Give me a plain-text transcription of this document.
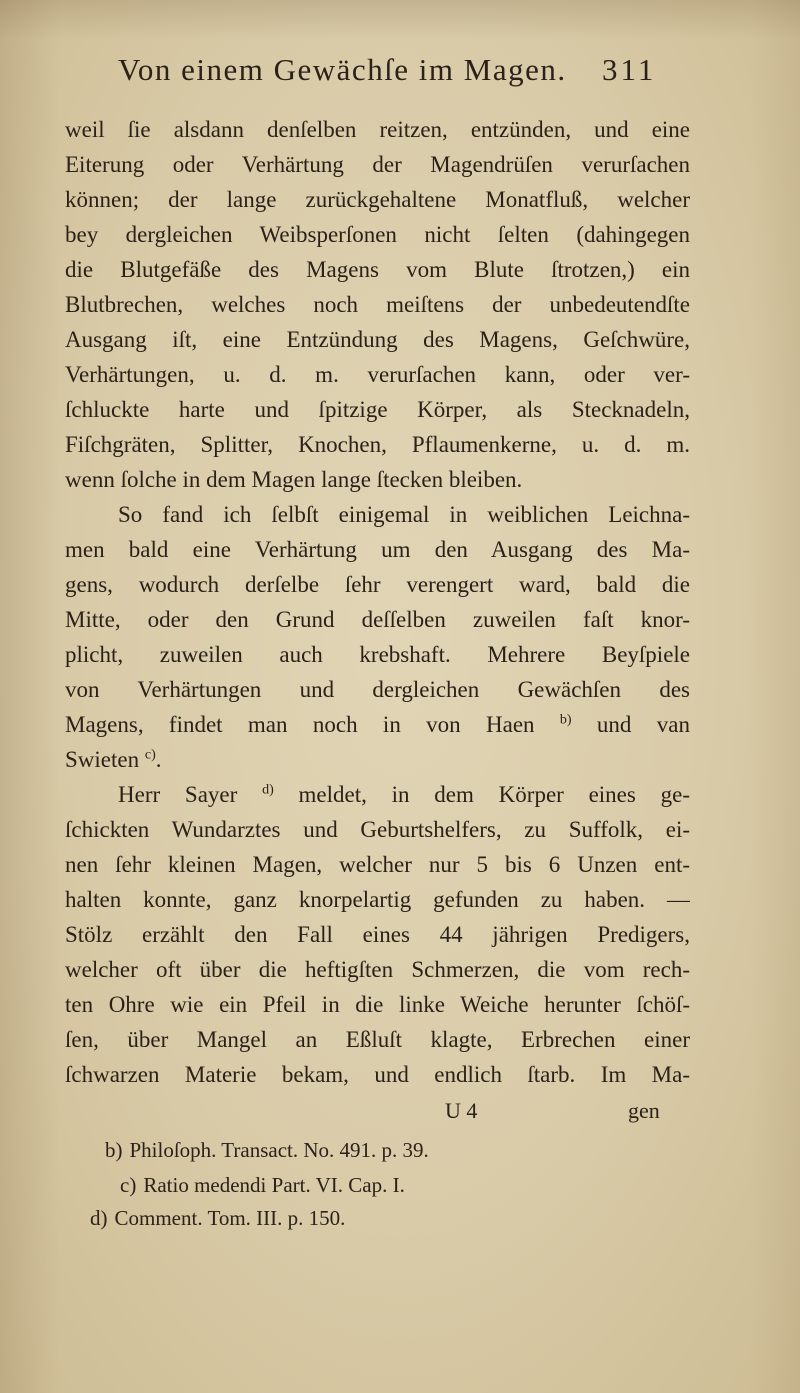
Von einem Gewächſe im Magen. 311
weil ſie alsdann denſelben reitzen, entzünden, und eine
Eiterung oder Verhärtung der Magendrüſen verurſachen
können; der lange zurückgehaltene Monatfluß, welcher
bey dergleichen Weibsperſonen nicht ſelten (dahingegen
die Blutgefäße des Magens vom Blute ſtrotzen,) ein
Blutbrechen, welches noch meiſtens der unbedeutendſte
Ausgang iſt, eine Entzündung des Magens, Geſchwüre,
Verhärtungen, u. d. m. verurſachen kann, oder ver-
ſchluckte harte und ſpitzige Körper, als Stecknadeln,
Fiſchgräten, Splitter, Knochen, Pflaumenkerne, u. d. m.
wenn ſolche in dem Magen lange ſtecken bleiben.
So fand ich ſelbſt einigemal in weiblichen Leichna-
men bald eine Verhärtung um den Ausgang des Ma-
gens, wodurch derſelbe ſehr verengert ward, bald die
Mitte, oder den Grund deſſelben zuweilen faſt knor-
plicht, zuweilen auch krebshaft. Mehrere Beyſpiele
von Verhärtungen und dergleichen Gewächſen des
Magens, findet man noch in von Haen $^{b)}$ und van
Swieten $^{c)}$.
Herr Sayer $^{d)}$ meldet, in dem Körper eines ge-
ſchickten Wundarztes und Geburtshelfers, zu Suffolk, ei-
nen ſehr kleinen Magen, welcher nur 5 bis 6 Unzen ent-
halten konnte, ganz knorpelartig gefunden zu haben. —
Stölz erzählt den Fall eines 44 jährigen Predigers,
welcher oft über die heftigſten Schmerzen, die vom rech-
ten Ohre wie ein Pfeil in die linke Weiche herunter ſchöſ-
ſen, über Mangel an Eßluſt klagte, Erbrechen einer
ſchwarzen Materie bekam, und endlich ſtarb. Im Ma-
U 4	gen
b) Philoſoph. Transact. No. 491. p. 39.
c) Ratio medendi Part. VI. Cap. I.
d) Comment. Tom. III. p. 150.
